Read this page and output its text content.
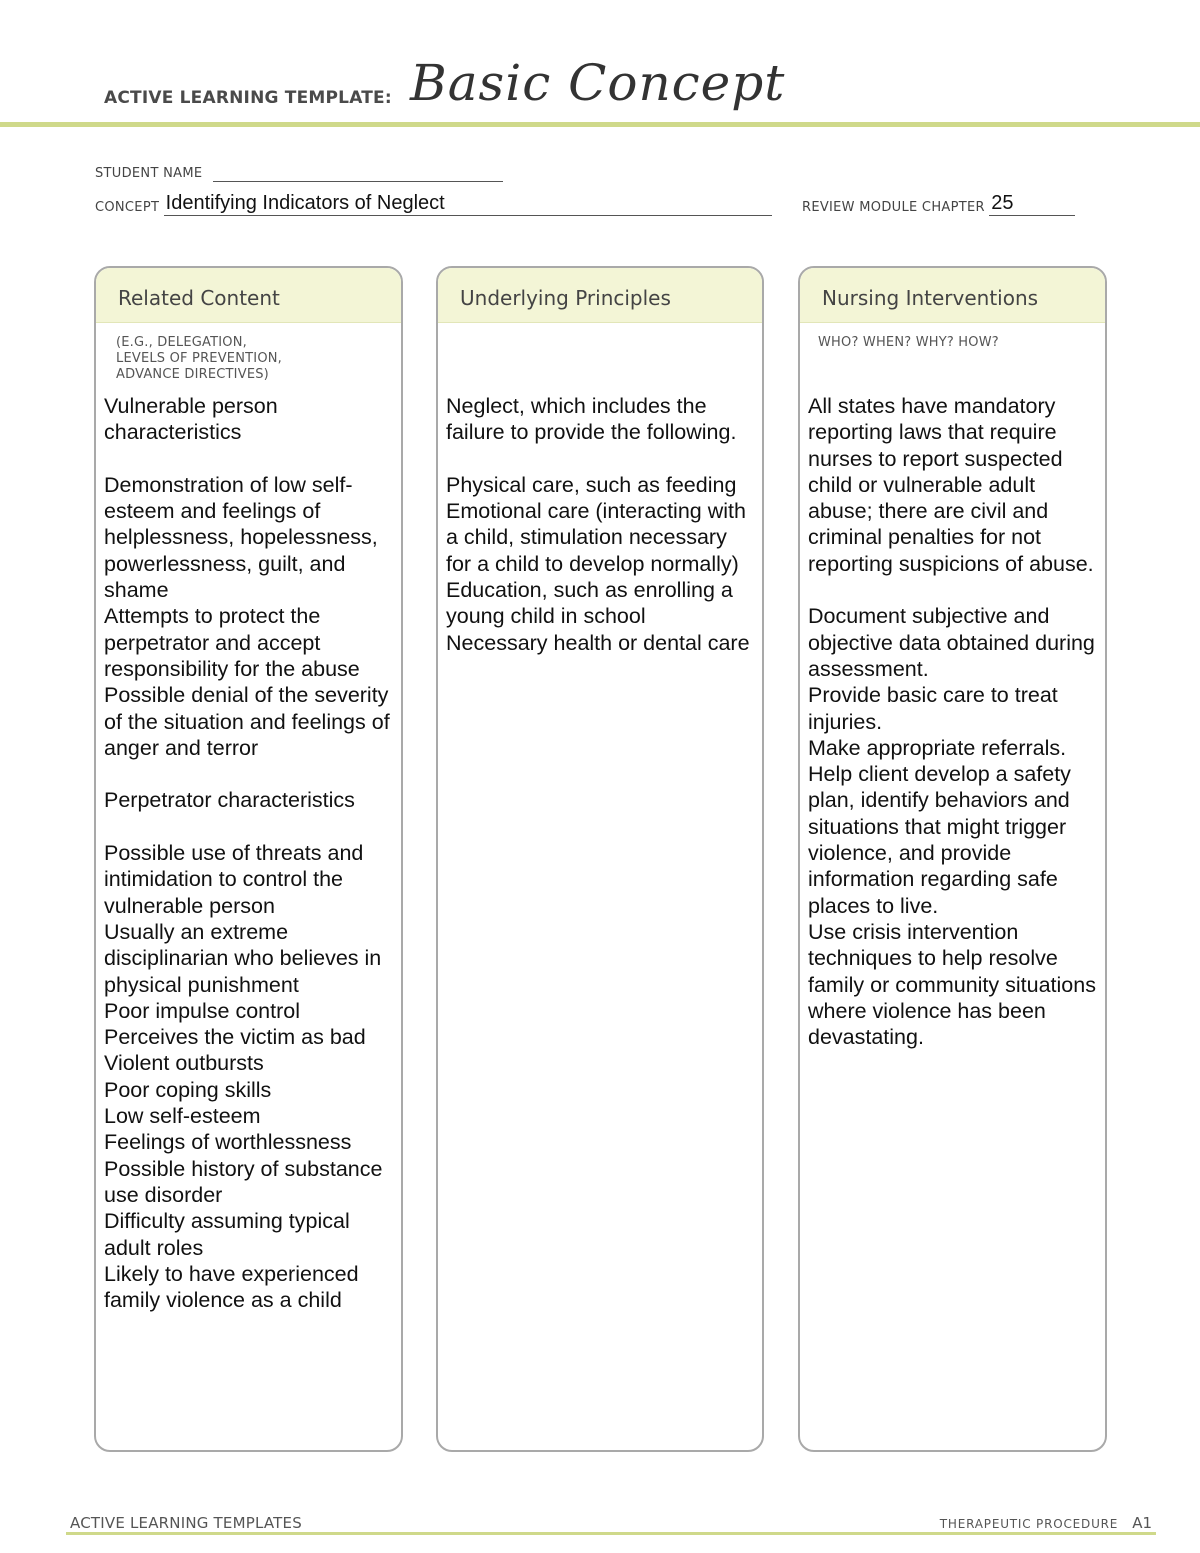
ACTIVE LEARNING TEMPLATE: Basic Concept
STUDENT NAME
CONCEPT Identifying Indicators of Neglect	REVIEW MODULE CHAPTER 25
Related Content
(E.G., DELEGATION,
LEVELS OF PREVENTION,
ADVANCE DIRECTIVES)

Vulnerable person characteristics

Demonstration of low self-esteem and feelings of helplessness, hopelessness, powerlessness, guilt, and shame

Attempts to protect the perpetrator and accept responsibility for the abuse

Possible denial of the severity of the situation and feelings of anger and terror

Perpetrator characteristics

Possible use of threats and intimidation to control the vulnerable person

Usually an extreme disciplinarian who believes in physical punishment

Poor impulse control

Perceives the victim as bad

Violent outbursts

Poor coping skills

Low self-esteem

Feelings of worthlessness

Possible history of substance use disorder

Difficulty assuming typical adult roles

Likely to have experienced family violence as a child

Underlying Principles

Neglect, which includes the failure to provide the following.

Physical care, such as feeding

Emotional care (interacting with a child, stimulation necessary for a child to develop normally)

Education, such as enrolling a young child in school

Necessary health or dental care

Nursing Interventions
WHO? WHEN? WHY? HOW?

All states have mandatory reporting laws that require nurses to report suspected child or vulnerable adult abuse; there are civil and criminal penalties for not reporting suspicions of abuse.

Document subjective and objective data obtained during assessment.

Provide basic care to treat injuries.

Make appropriate referrals.

Help client develop a safety plan, identify behaviors and situations that might trigger violence, and provide information regarding safe places to live.

Use crisis intervention techniques to help resolve family or community situations where violence has been devastating.

ACTIVE LEARNING TEMPLATES	THERAPEUTIC PROCEDURE A1
